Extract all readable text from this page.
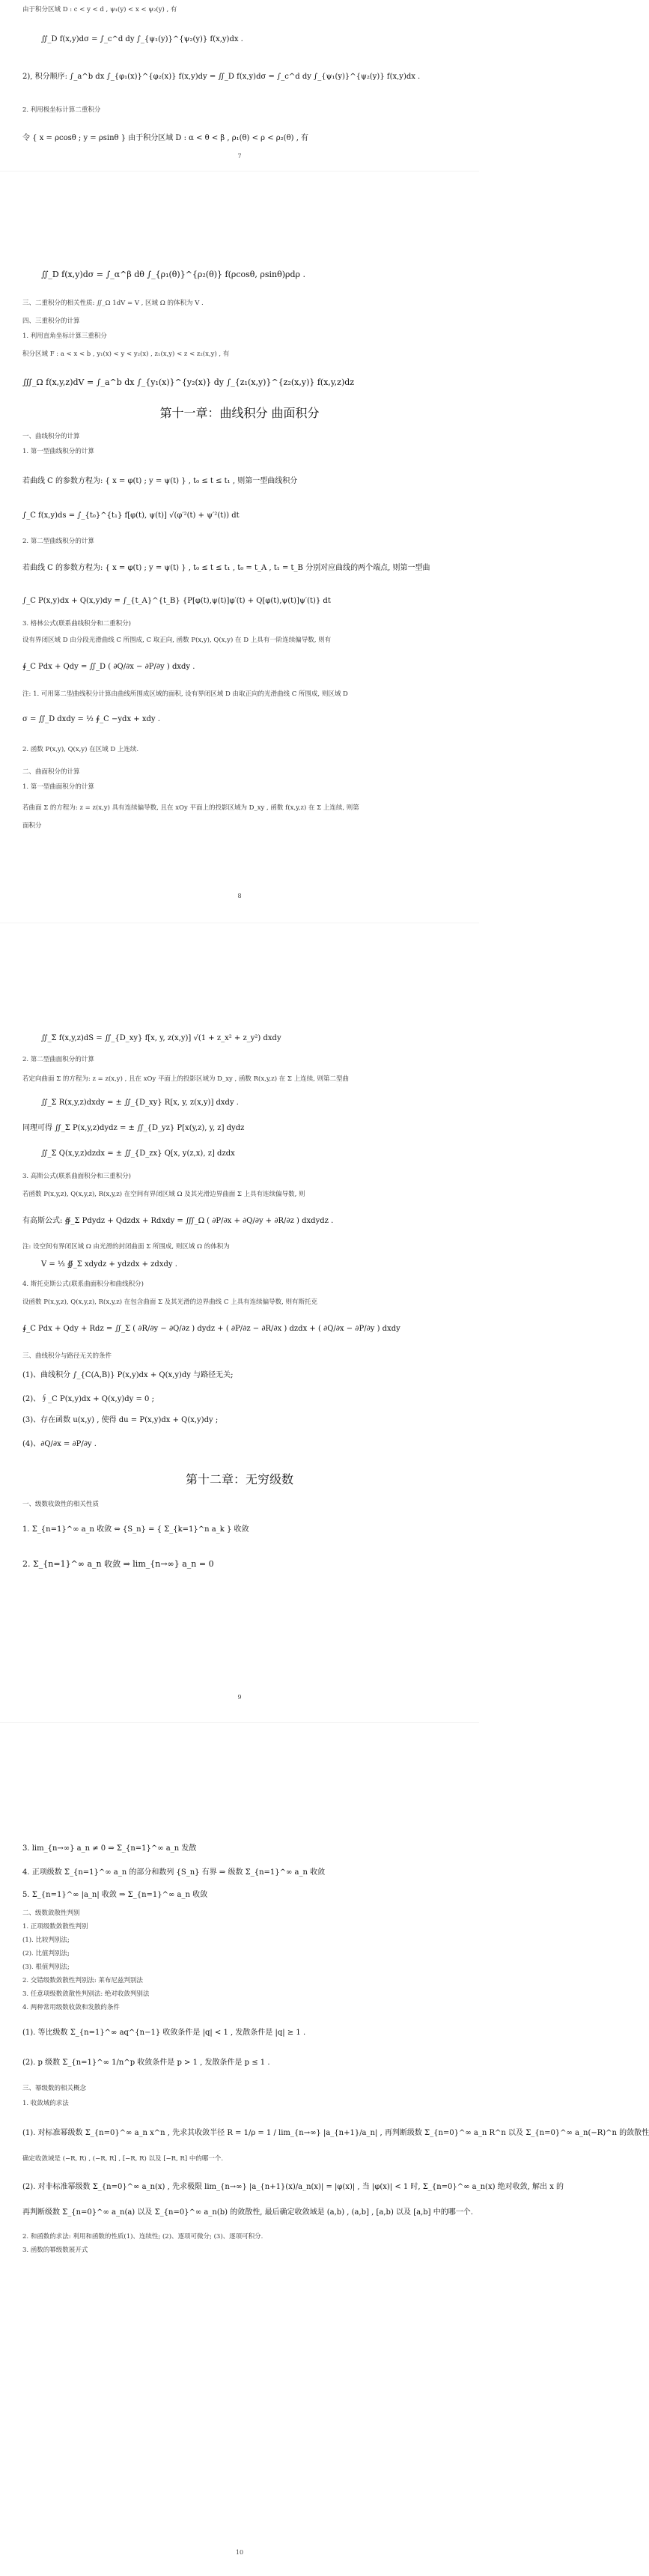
由于积分区域 D : c < y < d , ψ₁(y) < x < ψ₂(y) , 有
∬_D f(x,y)dσ = ∫_c^d dy ∫_{ψ₁(y)}^{ψ₂(y)} f(x,y)dx .
2), 积分顺序: ∫_a^b dx ∫_{φ₁(x)}^{φ₂(x)} f(x,y)dy = ∬_D f(x,y)dσ = ∫_c^d dy ∫_{ψ₁(y)}^{ψ₂(y)} f(x,y)dx .
2. 利用极坐标计算二重积分
令 { x = ρcosθ ; y = ρsinθ } 由于积分区域 D : α < θ < β , ρ₁(θ) < ρ < ρ₂(θ) , 有
7
∬_D f(x,y)dσ = ∫_α^β dθ ∫_{ρ₁(θ)}^{ρ₂(θ)} f(ρcosθ, ρsinθ)ρdρ .
三、二重积分的相关性质: ∬_Ω 1dV = V , 区域 Ω 的体积为 V .
四、三重积分的计算
1. 利用直角坐标计算三重积分
积分区域 F : a < x < b , y₁(x) < y < y₂(x) , z₁(x,y) < z < z₂(x,y) , 有
∭_Ω f(x,y,z)dV = ∫_a^b dx ∫_{y₁(x)}^{y₂(x)} dy ∫_{z₁(x,y)}^{z₂(x,y)} f(x,y,z)dz
第十一章：曲线积分 曲面积分
一、曲线积分的计算
1. 第一型曲线积分的计算
若曲线 C 的参数方程为: { x = φ(t) ; y = ψ(t) } , t₀ ≤ t ≤ t₁ , 则第一型曲线积分
∫_C f(x,y)ds = ∫_{t₀}^{t₁} f[φ(t), ψ(t)] √(φ′²(t) + ψ′²(t)) dt
2. 第二型曲线积分的计算
若曲线 C 的参数方程为: { x = φ(t) ; y = ψ(t) } , t₀ ≤ t ≤ t₁ , t₀ = t_A , t₁ = t_B 分别对应曲线的两个端点, 则第一型曲
∫_C P(x,y)dx + Q(x,y)dy = ∫_{t_A}^{t_B} {P[φ(t),ψ(t)]φ′(t) + Q[φ(t),ψ(t)]ψ′(t)} dt
3. 格林公式(联系曲线积分和二重积分)
设有界闭区域 D 由分段光滑曲线 C 所围成, C 取正向, 函数 P(x,y), Q(x,y) 在 D 上具有一阶连续偏导数, 则有
∮_C Pdx + Qdy = ∬_D ( ∂Q/∂x − ∂P/∂y ) dxdy .
注: 1. 可用第二型曲线积分计算由曲线所围成区域的面积, 设有界闭区域 D 由取正向的光滑曲线 C 所围成, 则区域 D
σ = ∬_D dxdy = ½ ∮_C −ydx + xdy .
2. 函数 P(x,y), Q(x,y) 在区域 D 上连续.
二、曲面积分的计算
1. 第一型曲面积分的计算
若曲面 Σ 的方程为: z = z(x,y) 具有连续偏导数, 且在 xOy 平面上的投影区域为 D_xy , 函数 f(x,y,z) 在 Σ 上连续, 则第
面积分
8
∬_Σ f(x,y,z)dS = ∬_{D_xy} f[x, y, z(x,y)] √(1 + z_x² + z_y²) dxdy
2. 第二型曲面积分的计算
若定向曲面 Σ 的方程为: z = z(x,y) , 且在 xOy 平面上的投影区域为 D_xy , 函数 R(x,y,z) 在 Σ 上连续, 则第二型曲
∬_Σ R(x,y,z)dxdy = ± ∬_{D_xy} R[x, y, z(x,y)] dxdy .
同理可得 ∬_Σ P(x,y,z)dydz = ± ∬_{D_yz} P[x(y,z), y, z] dydz
∬_Σ Q(x,y,z)dzdx = ± ∬_{D_zx} Q[x, y(z,x), z] dzdx
3. 高斯公式(联系曲面积分和三重积分)
若函数 P(x,y,z), Q(x,y,z), R(x,y,z) 在空间有界闭区域 Ω 及其光滑边界曲面 Σ 上具有连续偏导数, 则
有高斯公式: ∯_Σ Pdydz + Qdzdx + Rdxdy = ∭_Ω ( ∂P/∂x + ∂Q/∂y + ∂R/∂z ) dxdydz .
注: 设空间有界闭区域 Ω 由光滑的封闭曲面 Σ 所围成, 则区域 Ω 的体积为
V = ⅓ ∯_Σ xdydz + ydzdx + zdxdy .
4. 斯托克斯公式(联系曲面积分和曲线积分)
设函数 P(x,y,z), Q(x,y,z), R(x,y,z) 在包含曲面 Σ 及其光滑的边界曲线 C 上具有连续偏导数, 则有斯托克
∮_C Pdx + Qdy + Rdz = ∬_Σ ( ∂R/∂y − ∂Q/∂z ) dydz + ( ∂P/∂z − ∂R/∂x ) dzdx + ( ∂Q/∂x − ∂P/∂y ) dxdy
三、曲线积分与路径无关的条件
(1)、曲线积分 ∫_{C(A,B)} P(x,y)dx + Q(x,y)dy 与路径无关;
(2)、∮_C P(x,y)dx + Q(x,y)dy = 0 ;
(3)、存在函数 u(x,y) , 使得 du = P(x,y)dx + Q(x,y)dy ;
(4)、∂Q/∂x = ∂P/∂y .
第十二章：无穷级数
一、级数收敛性的相关性质
1. Σ_{n=1}^∞ a_n 收敛 ⇔ {S_n} = { Σ_{k=1}^n a_k } 收敛
2. Σ_{n=1}^∞ a_n 收敛 ⇒ lim_{n→∞} a_n = 0
9
3. lim_{n→∞} a_n ≠ 0 ⇒ Σ_{n=1}^∞ a_n 发散
4. 正项级数 Σ_{n=1}^∞ a_n 的部分和数列 {S_n} 有界 ⇒ 级数 Σ_{n=1}^∞ a_n 收敛
5. Σ_{n=1}^∞ |a_n| 收敛 ⇒ Σ_{n=1}^∞ a_n 收敛
二、级数敛散性判别
1. 正项级数敛散性判别
(1). 比较判别法;
(2). 比值判别法;
(3). 根值判别法;
2. 交错级数敛散性判别法: 莱布尼兹判别法
3. 任意项级数敛散性判别法: 绝对收敛判别法
4. 两种常用级数收敛和发散的条件
(1). 等比级数 Σ_{n=1}^∞ aq^{n−1} 收敛条件是 |q| < 1 , 发散条件是 |q| ≥ 1 .
(2). p 级数 Σ_{n=1}^∞ 1/n^p 收敛条件是 p > 1 , 发散条件是 p ≤ 1 .
三、幂级数的相关概念
1. 收敛域的求法
(1). 对标准幂级数 Σ_{n=0}^∞ a_n x^n , 先求其收敛半径 R = 1/ρ = 1 / lim_{n→∞} |a_{n+1}/a_n| , 再判断级数 Σ_{n=0}^∞ a_n R^n 以及 Σ_{n=0}^∞ a_n(−R)^n 的敛散性
确定收敛域是 (−R, R) , (−R, R] , [−R, R) 以及 [−R, R] 中的哪一个.
(2). 对非标准幂级数 Σ_{n=0}^∞ a_n(x) , 先求极限 lim_{n→∞} |a_{n+1}(x)/a_n(x)| = |φ(x)| , 当 |φ(x)| < 1 时, Σ_{n=0}^∞ a_n(x) 绝对收敛, 解出 x 的
再判断级数 Σ_{n=0}^∞ a_n(a) 以及 Σ_{n=0}^∞ a_n(b) 的敛散性, 最后确定收敛域是 (a,b) , (a,b] , [a,b) 以及 [a,b] 中的哪一个.
2. 和函数的求法: 利用和函数的性质(1)、连续性; (2)、逐项可微分; (3)、逐项可积分.
3. 函数的幂级数展开式
10
